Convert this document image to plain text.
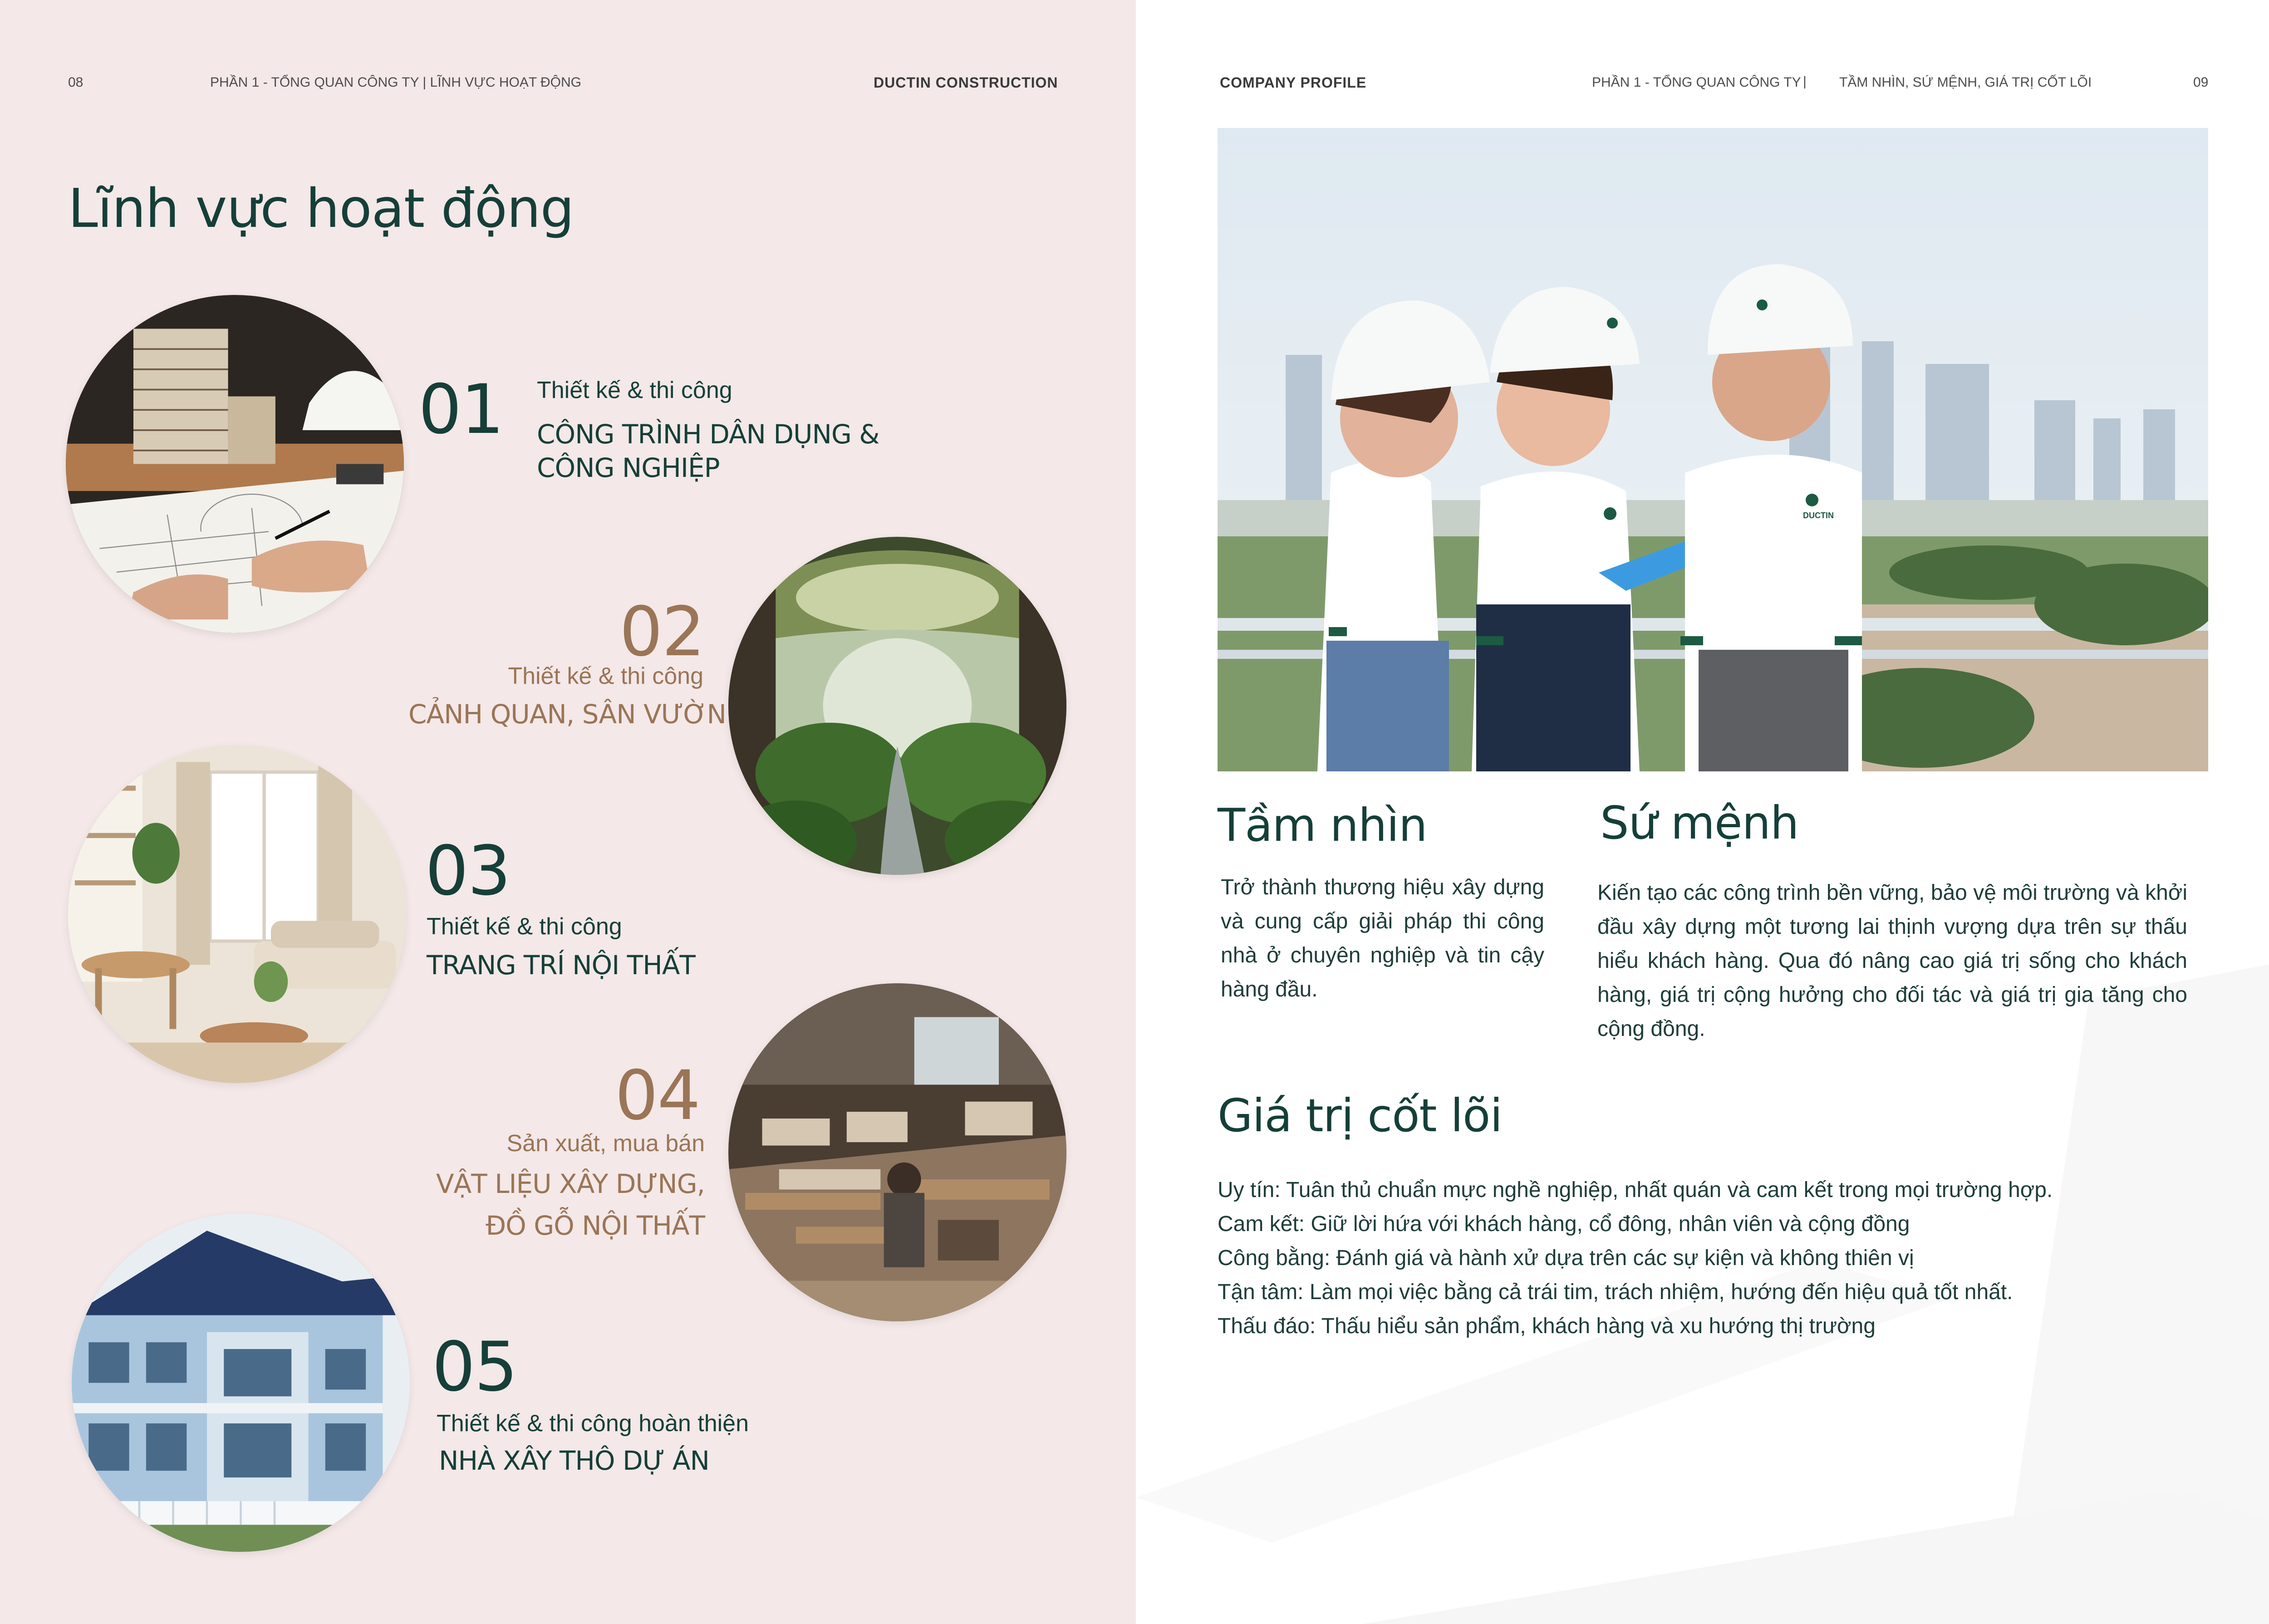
08	PHẦN 1 - TỔNG QUAN CÔNG TY | LĨNH VỰC HOẠT ĐỘNG	DUCTIN CONSTRUCTION
Lĩnh vực hoạt động
01 Thiết kế & thi công
CÔNG TRÌNH DÂN DỤNG &
CÔNG NGHIỆP
02
Thiết kế & thi công
CẢNH QUAN, SÂN VƯỜN
03
Thiết kế & thi công
TRANG TRÍ NỘI THẤT
04
Sản xuất, mua bán
VẬT LIỆU XÂY DỰNG,
ĐỒ GỖ NỘI THẤT
05
Thiết kế & thi công hoàn thiện
NHÀ XÂY THÔ DỰ ÁN
COMPANY PROFILE	PHẦN 1 - TỔNG QUAN CÔNG TY | TẦM NHÌN, SỨ MỆNH, GIÁ TRỊ CỐT LÕI	09
DUCTIN
Tầm nhìn
Trở thành thương hiệu xây dựng và cung cấp giải pháp thi công nhà ở chuyên nghiệp và tin cậy hàng đầu.
Sứ mệnh
Kiến tạo các công trình bền vững, bảo vệ môi trường và khởi đầu xây dựng một tương lai thịnh vượng dựa trên sự thấu hiểu khách hàng. Qua đó nâng cao giá trị sống cho khách hàng, giá trị cộng hưởng cho đối tác và giá trị gia tăng cho cộng đồng.
Giá trị cốt lõi
Uy tín: Tuân thủ chuẩn mực nghề nghiệp, nhất quán và cam kết trong mọi trường hợp.
Cam kết: Giữ lời hứa với khách hàng, cổ đông, nhân viên và cộng đồng
Công bằng: Đánh giá và hành xử dựa trên các sự kiện và không thiên vị
Tận tâm: Làm mọi việc bằng cả trái tim, trách nhiệm, hướng đến hiệu quả tốt nhất.
Thấu đáo: Thấu hiểu sản phẩm, khách hàng và xu hướng thị trường
